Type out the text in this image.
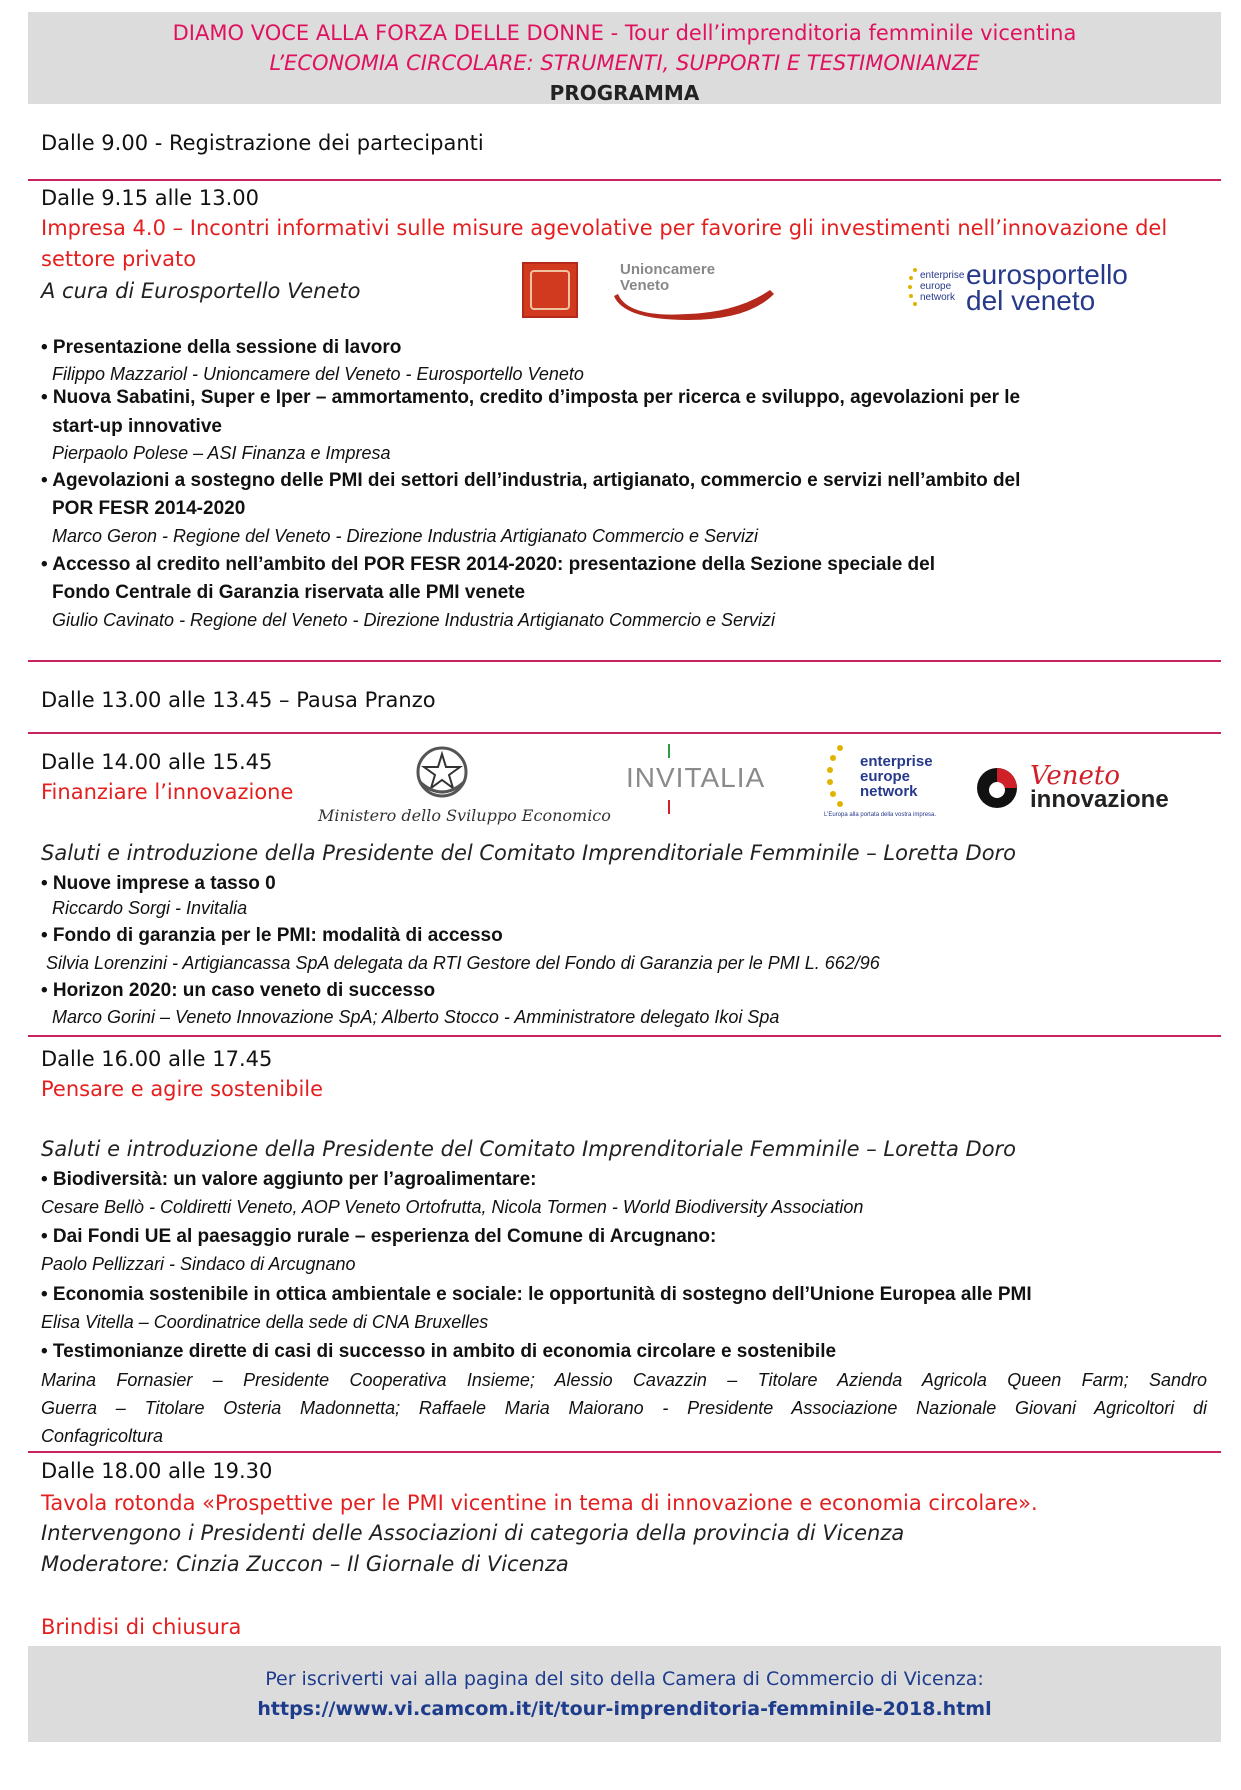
DIAMO VOCE ALLA FORZA DELLE DONNE - Tour dell’imprenditoria femminile vicentina
L’ECONOMIA CIRCOLARE: STRUMENTI, SUPPORTI E TESTIMONIANZE
PROGRAMMA
Dalle 9.00 - Registrazione dei partecipanti
Dalle 9.15 alle 13.00
Impresa 4.0 – Incontri informativi sulle misure agevolative per favorire gli investimenti nell’innovazione del
settore privato
A cura di Eurosportello Veneto
Unioncamere
Veneto
enterprise
europe
network
eurosportello
del veneto
• Presentazione della sessione di lavoro
Filippo Mazzariol - Unioncamere del Veneto - Eurosportello Veneto
• Nuova Sabatini, Super e Iper – ammortamento, credito d’imposta per ricerca e sviluppo, agevolazioni per le
start-up innovative
Pierpaolo Polese – ASI Finanza e Impresa
• Agevolazioni a sostegno delle PMI dei settori dell’industria, artigianato, commercio e servizi nell’ambito del
POR FESR 2014-2020
Marco Geron - Regione del Veneto - Direzione Industria Artigianato Commercio e Servizi
• Accesso al credito nell’ambito del POR FESR 2014-2020: presentazione della Sezione speciale del
Fondo Centrale di Garanzia riservata alle PMI venete
Giulio Cavinato - Regione del Veneto - Direzione Industria Artigianato Commercio e Servizi
Dalle 13.00 alle 13.45 – Pausa Pranzo
Dalle 14.00 alle 15.45
Finanziare l’innovazione
Ministero dello Sviluppo Economico
INVITALIA
enterprise
europe
network
L’Europa alla portata della vostra impresa.
Veneto
innovazione
Saluti e introduzione della Presidente del Comitato Imprenditoriale Femminile – Loretta Doro
• Nuove imprese a tasso 0
Riccardo Sorgi - Invitalia
• Fondo di garanzia per le PMI: modalità di accesso
Silvia Lorenzini - Artigiancassa SpA delegata da RTI Gestore del Fondo di Garanzia per le PMI L. 662/96
• Horizon 2020: un caso veneto di successo
Marco Gorini – Veneto Innovazione SpA; Alberto Stocco - Amministratore delegato Ikoi Spa
Dalle 16.00 alle 17.45
Pensare e agire sostenibile
Saluti e introduzione della Presidente del Comitato Imprenditoriale Femminile – Loretta Doro
• Biodiversità: un valore aggiunto per l’agroalimentare:
Cesare Bellò - Coldiretti Veneto, AOP Veneto Ortofrutta, Nicola Tormen - World Biodiversity Association
• Dai Fondi UE al paesaggio rurale – esperienza del Comune di Arcugnano:
Paolo Pellizzari - Sindaco di Arcugnano
• Economia sostenibile in ottica ambientale e sociale: le opportunità di sostegno dell’Unione Europea alle PMI
Elisa Vitella – Coordinatrice della sede di CNA Bruxelles
• Testimonianze dirette di casi di successo in ambito di economia circolare e sostenibile
Marina Fornasier – Presidente Cooperativa Insieme; Alessio Cavazzin – Titolare Azienda Agricola Queen Farm; Sandro
Guerra – Titolare Osteria Madonnetta; Raffaele Maria Maiorano - Presidente Associazione Nazionale Giovani Agricoltori di
Confagricoltura
Dalle 18.00 alle 19.30
Tavola rotonda «Prospettive per le PMI vicentine in tema di innovazione e economia circolare».
Intervengono i Presidenti delle Associazioni di categoria della provincia di Vicenza
Moderatore: Cinzia Zuccon – Il Giornale di Vicenza
Brindisi di chiusura
Per iscriverti vai alla pagina del sito della Camera di Commercio di Vicenza:
https://www.vi.camcom.it/it/tour-imprenditoria-femminile-2018.html
